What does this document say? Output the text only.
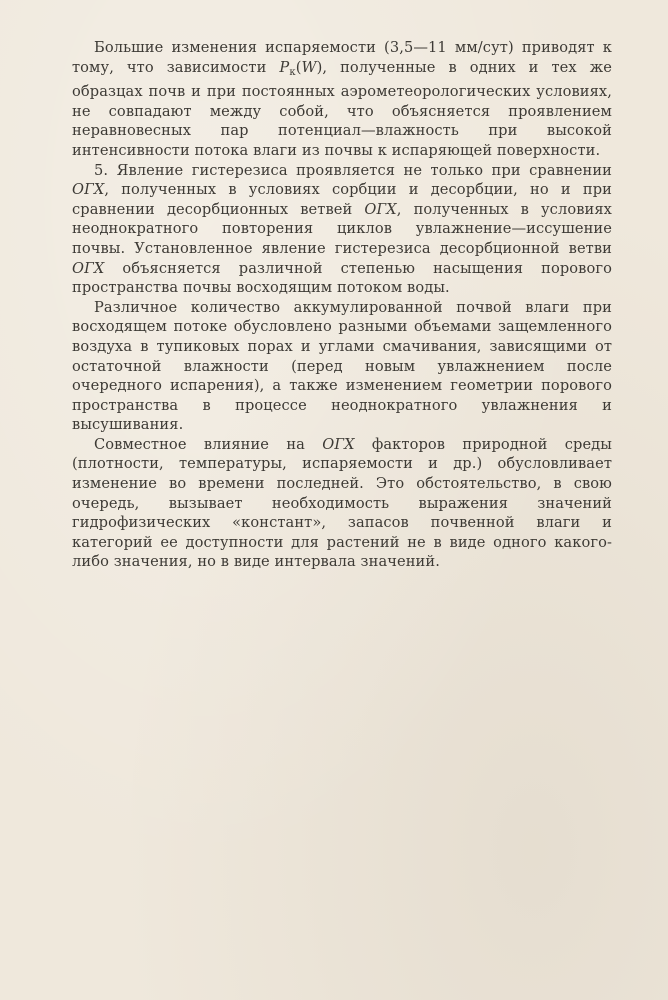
Большие изменения испаряемости (3,5—11 мм/сут) приводят к тому, что зависимости $P_к(W)$, полученные в одних и тех же образцах почв и при постоянных аэрометеорологических условиях, не совпадают между собой, что объясняется проявлением неравновесных пар потенциал—влажность при высокой интенсивности потока влаги из почвы к испаряющей поверхности.

5. Явление гистерезиса проявляется не только при сравнении ОГХ, полученных в условиях сорбции и десорбции, но и при сравнении десорбционных ветвей ОГХ, полученных в условиях неоднократного повторения циклов увлажнение—иссушение почвы. Установленное явление гистерезиса десорбционной ветви ОГХ объясняется различной степенью насыщения порового пространства почвы восходящим потоком воды.

Различное количество аккумулированной почвой влаги при восходящем потоке обусловлено разными объемами защемленного воздуха в тупиковых порах и углами смачивания, зависящими от остаточной влажности (перед новым увлажнением после очередного испарения), а также изменением геометрии порового пространства в процессе неоднократного увлажнения и высушивания.

Совместное влияние на ОГХ факторов природной среды (плотности, температуры, испаряемости и др.) обусловливает изменение во времени последней. Это обстоятельство, в свою очередь, вызывает необходимость выражения значений гидрофизических «констант», запасов почвенной влаги и категорий ее доступности для растений не в виде одного какого-либо значения, но в виде интервала значений.
